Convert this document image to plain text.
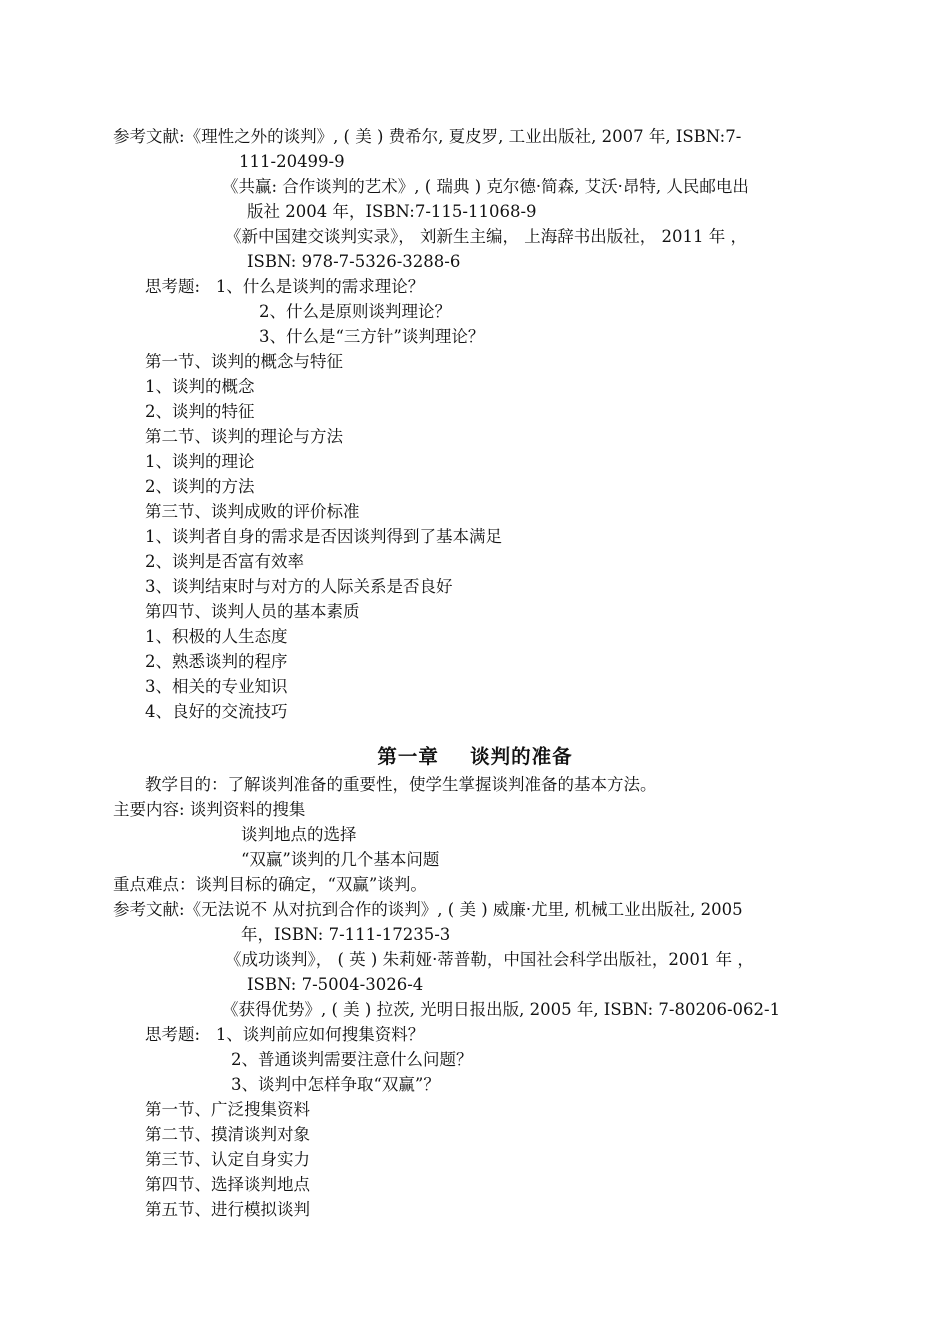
参考文献:《理性之外的谈判》, ( 美 ) 费希尔, 夏皮罗, 工业出版社, 2007 年, ISBN:7-
111-20499-9
《共赢: 合作谈判的艺术》, ( 瑞典 ) 克尔德·简森, 艾沃·昂特, 人民邮电出
版社 2004 年，ISBN:7-115-11068-9
《新中国建交谈判实录》， 刘新生主编， 上海辞书出版社， 2011 年 ，
ISBN: 978-7-5326-3288-6
思考题: 1、什么是谈判的需求理论？
2、什么是原则谈判理论？
3、什么是“三方针”谈判理论？
第一节、谈判的概念与特征
1、谈判的概念
2、谈判的特征
第二节、谈判的理论与方法
1、谈判的理论
2、谈判的方法
第三节、谈判成败的评价标准
1、谈判者自身的需求是否因谈判得到了基本满足
2、谈判是否富有效率
3、谈判结束时与对方的人际关系是否良好
第四节、谈判人员的基本素质
1、积极的人生态度
2、熟悉谈判的程序
3、相关的专业知识
4、良好的交流技巧
第一章 谈判的准备
教学目的：了解谈判准备的重要性，使学生掌握谈判准备的基本方法。
主要内容: 谈判资料的搜集
谈判地点的选择
“双赢”谈判的几个基本问题
重点难点：谈判目标的确定，“双赢”谈判。
参考文献:《无法说不 从对抗到合作的谈判》, ( 美 ) 威廉·尤里, 机械工业出版社, 2005
年，ISBN: 7-111-17235-3
《成功谈判》， ( 英 ) 朱莉娅·蒂普勒，中国社会科学出版社，2001 年 ，
ISBN: 7-5004-3026-4
《获得优势》, ( 美 ) 拉茨, 光明日报出版, 2005 年, ISBN: 7-80206-062-1
思考题: 1、谈判前应如何搜集资料？
2、普通谈判需要注意什么问题？
3、谈判中怎样争取“双赢”？
第一节、广泛搜集资料
第二节、摸清谈判对象
第三节、认定自身实力
第四节、选择谈判地点
第五节、进行模拟谈判
